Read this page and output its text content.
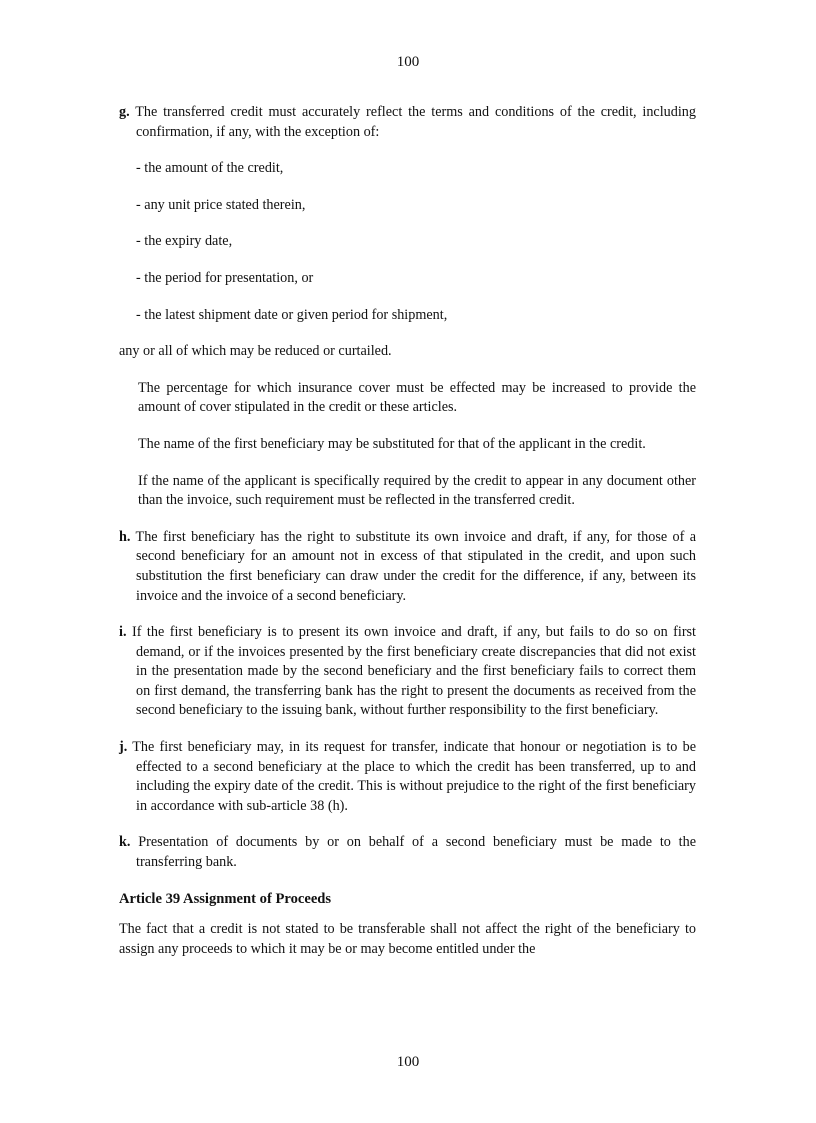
100

g. The transferred credit must accurately reflect the terms and conditions of the credit, including confirmation, if any, with the exception of:

- the amount of the credit,

- any unit price stated therein,

- the expiry date,

- the period for presentation, or

- the latest shipment date or given period for shipment,

any or all of which may be reduced or curtailed.

The percentage for which insurance cover must be effected may be increased to provide the amount of cover stipulated in the credit or these articles.

The name of the first beneficiary may be substituted for that of the applicant in the credit.

If the name of the applicant is specifically required by the credit to appear in any document other than the invoice, such requirement must be reflected in the transferred credit.

h. The first beneficiary has the right to substitute its own invoice and draft, if any, for those of a second beneficiary for an amount not in excess of that stipulated in the credit, and upon such substitution the first beneficiary can draw under the credit for the difference, if any, between its invoice and the invoice of a second beneficiary.

i. If the first beneficiary is to present its own invoice and draft, if any, but fails to do so on first demand, or if the invoices presented by the first beneficiary create discrepancies that did not exist in the presentation made by the second beneficiary and the first beneficiary fails to correct them on first demand, the transferring bank has the right to present the documents as received from the second beneficiary to the issuing bank, without further responsibility to the first beneficiary.

j. The first beneficiary may, in its request for transfer, indicate that honour or negotiation is to be effected to a second beneficiary at the place to which the credit has been transferred, up to and including the expiry date of the credit. This is without prejudice to the right of the first beneficiary in accordance with sub-article 38 (h).

k. Presentation of documents by or on behalf of a second beneficiary must be made to the transferring bank.

Article 39 Assignment of Proceeds

The fact that a credit is not stated to be transferable shall not affect the right of the beneficiary to assign any proceeds to which it may be or may become entitled under the

100
